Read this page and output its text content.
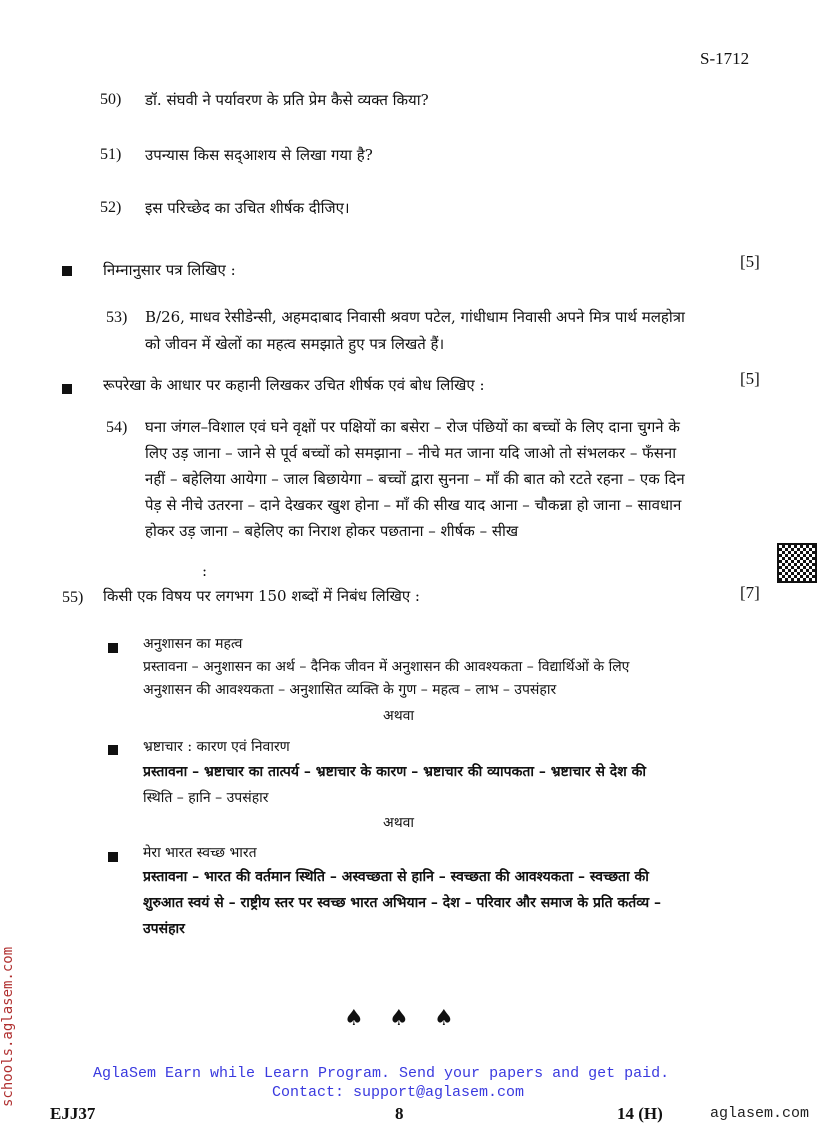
S-1712
50) डॉ. संघवी ने पर्यावरण के प्रति प्रेम कैसे व्यक्त किया?
51) उपन्यास किस सद्आशय से लिखा गया है?
52) इस परिच्छेद का उचित शीर्षक दीजिए।
निम्नानुसार पत्र लिखिए :	[5]
53) B/26, माधव रेसीडेन्सी, अहमदाबाद निवासी श्रवण पटेल, गांधीधाम निवासी अपने मित्र पार्थ मलहोत्रा
को जीवन में खेलों का महत्व समझाते हुए पत्र लिखते हैं।
रूपरेखा के आधार पर कहानी लिखकर उचित शीर्षक एवं बोध लिखिए :	[5]
54) घना जंगल–विशाल एवं घने वृक्षों पर पक्षियों का बसेरा – रोज पंछियों का बच्चों के लिए दाना चुगने के
लिए उड़ जाना – जाने से पूर्व बच्चों को समझाना – नीचे मत जाना यदि जाओ तो संभलकर – फँसना
नहीं – बहेलिया आयेगा – जाल बिछायेगा – बच्चों द्वारा सुनना – माँ की बात को रटते रहना – एक दिन
पेड़ से नीचे उतरना – दाने देखकर खुश होना – माँ की सीख याद आना – चौकन्ना हो जाना – सावधान
होकर उड़ जाना – बहेलिए का निराश होकर पछताना – शीर्षक – सीख
:
55) किसी एक विषय पर लगभग 150 शब्दों में निबंध लिखिए :	[7]
अनुशासन का महत्व
प्रस्तावना – अनुशासन का अर्थ – दैनिक जीवन में अनुशासन की आवश्यकता – विद्यार्थिओं के लिए
अनुशासन की आवश्यकता – अनुशासित व्यक्ति के गुण – महत्व – लाभ – उपसंहार
अथवा
भ्रष्टाचार : कारण एवं निवारण
प्रस्तावना – भ्रष्टाचार का तात्पर्य – भ्रष्टाचार के कारण – भ्रष्टाचार की व्यापकता – भ्रष्टाचार से देश की
स्थिति – हानि – उपसंहार
अथवा
मेरा भारत स्वच्छ भारत
प्रस्तावना – भारत की वर्तमान स्थिति – अस्वच्छता से हानि – स्वच्छता की आवश्यकता – स्वच्छता की
शुरुआत स्वयं से – राष्ट्रीय स्तर पर स्वच्छ भारत अभियान – देश – परिवार और समाज के प्रति कर्तव्य –
उपसंहार
♠ ♠ ♠
schools.aglasem.com	AglaSem Earn while Learn Program. Send your papers and get paid.
Contact: support@aglasem.com
EJJ37	8	14 (H)	aglasem.com
